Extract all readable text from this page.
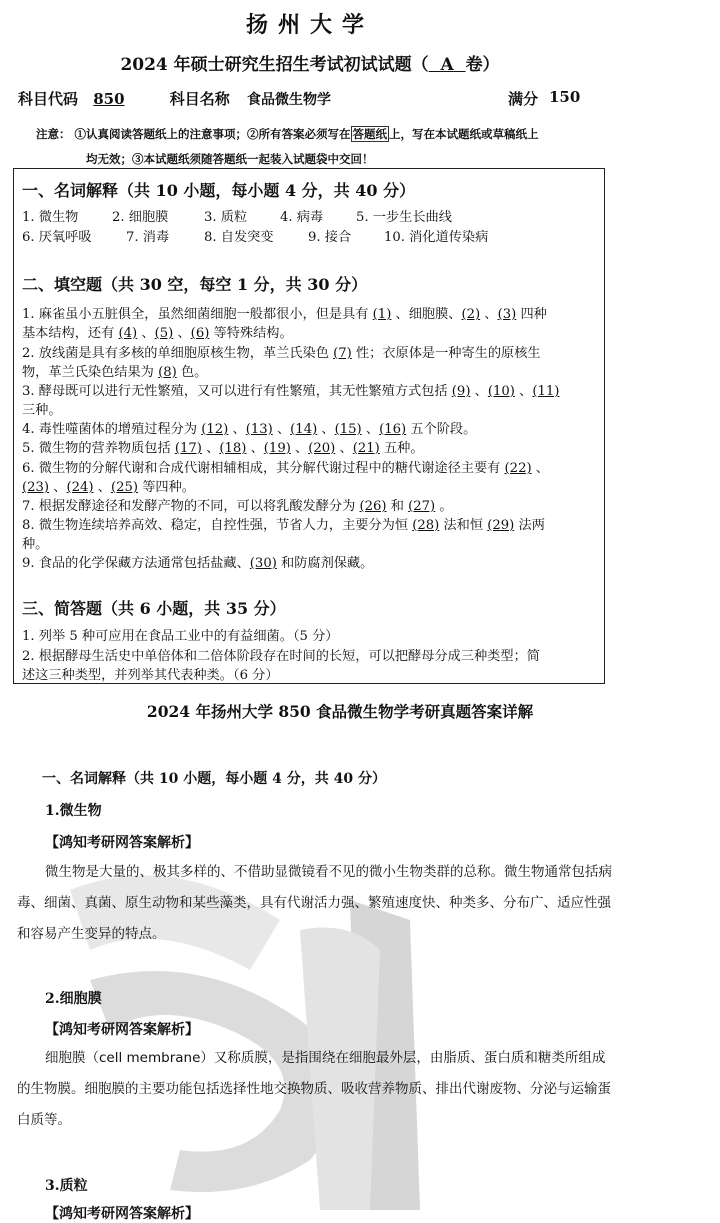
扬州大学
2024 年硕士研究生招生考试初试试题（ A 卷）
科目代码 850	科目名称 食品微生物学	满分 150
注意： ①认真阅读答题纸上的注意事项；②所有答案必须写在 答题纸 上，写在本试题纸或草稿纸上
均无效；③本试题纸须随答题纸一起装入试题袋中交回！
一、名词解释（共 10 小题，每小题 4 分，共 40 分）
1. 微生物	2. 细胞膜	3. 质粒 4. 病毒 5. 一步生长曲线
6. 厌氧呼吸	7. 消毒	8. 自发突变	9. 接合 10. 消化道传染病
二、填空题（共 30 空，每空 1 分，共 30 分）
1. 麻雀虽小五脏俱全，虽然细菌细胞一般都很小，但是具有 (1) 、细胞膜、(2) 、(3) 四种
基本结构，还有 (4) 、(5) 、(6) 等特殊结构。
2. 放线菌是具有多核的单细胞原核生物，革兰氏染色 (7) 性；衣原体是一种寄生的原核生
物，革兰氏染色结果为 (8) 色。
3. 酵母既可以进行无性繁殖，又可以进行有性繁殖，其无性繁殖方式包括 (9) 、(10) 、(11)
三种。
4. 毒性噬菌体的增殖过程分为 (12) 、(13) 、(14) 、(15) 、(16) 五个阶段。
5. 微生物的营养物质包括 (17) 、(18) 、(19) 、(20) 、(21) 五种。
6. 微生物的分解代谢和合成代谢相辅相成，其分解代谢过程中的糖代谢途径主要有 (22) 、
(23) 、(24) 、(25) 等四种。
7. 根据发酵途径和发酵产物的不同，可以将乳酸发酵分为 (26) 和 (27) 。
8. 微生物连续培养高效、稳定，自控性强，节省人力，主要分为恒 (28) 法和恒 (29) 法两
种。
9. 食品的化学保藏方法通常包括盐藏、(30) 和防腐剂保藏。
三、简答题（共 6 小题，共 35 分）
1. 列举 5 种可应用在食品工业中的有益细菌。（5 分）
2. 根据酵母生活史中单倍体和二倍体阶段存在时间的长短，可以把酵母分成三种类型；简
述这三种类型，并列举其代表种类。（6 分）
2024 年扬州大学 850 食品微生物学考研真题答案详解
一、名词解释（共 10 小题，每小题 4 分，共 40 分）
1.微生物
【鸿知考研网答案解析】
微生物是大量的、极其多样的、不借助显微镜看不见的微小生物类群的总称。微生物通常包括病毒、细菌、真菌、原生动物和某些藻类，具有代谢活力强、繁殖速度快、种类多、分布广、适应性强和容易产生变异的特点。
2.细胞膜
【鸿知考研网答案解析】
细胞膜（cell membrane）又称质膜，是指围绕在细胞最外层，由脂质、蛋白质和糖类所组成的生物膜。细胞膜的主要功能包括选择性地交换物质、吸收营养物质、排出代谢废物、分泌与运输蛋白质等。
3.质粒
【鸿知考研网答案解析】
